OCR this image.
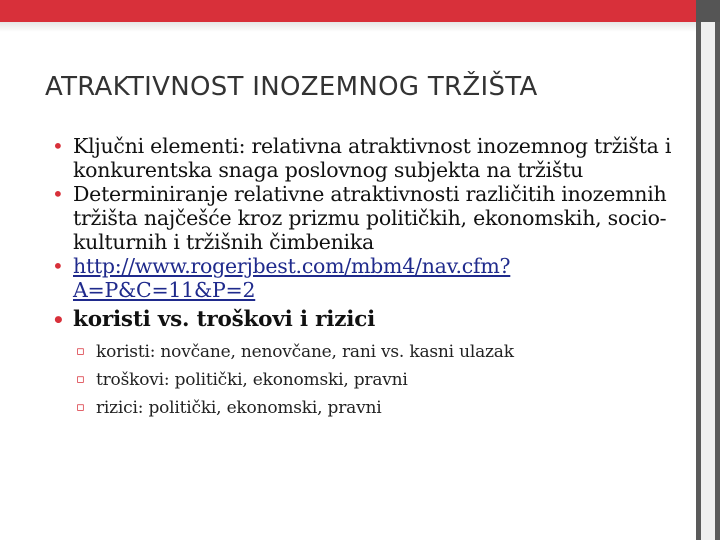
ATRAKTIVNOST INOZEMNOG TRŽIŠTA
• Ključni elementi: relativna atraktivnost inozemnog tržišta i konkurentska snaga poslovnog subjekta na tržištu
• Determiniranje relativne atraktivnosti različitih inozemnih tržišta najčešće kroz prizmu političkih, ekonomskih, socio-kulturnih i tržišnih čimbenika
• http://www.rogerjbest.com/mbm4/nav.cfm?A=P&C=11&P=2
• koristi vs. troškovi i rizici
▫ koristi: novčane, nenovčane, rani vs. kasni ulazak
▫ troškovi: politički, ekonomski, pravni
▫ rizici: politički, ekonomski, pravni
